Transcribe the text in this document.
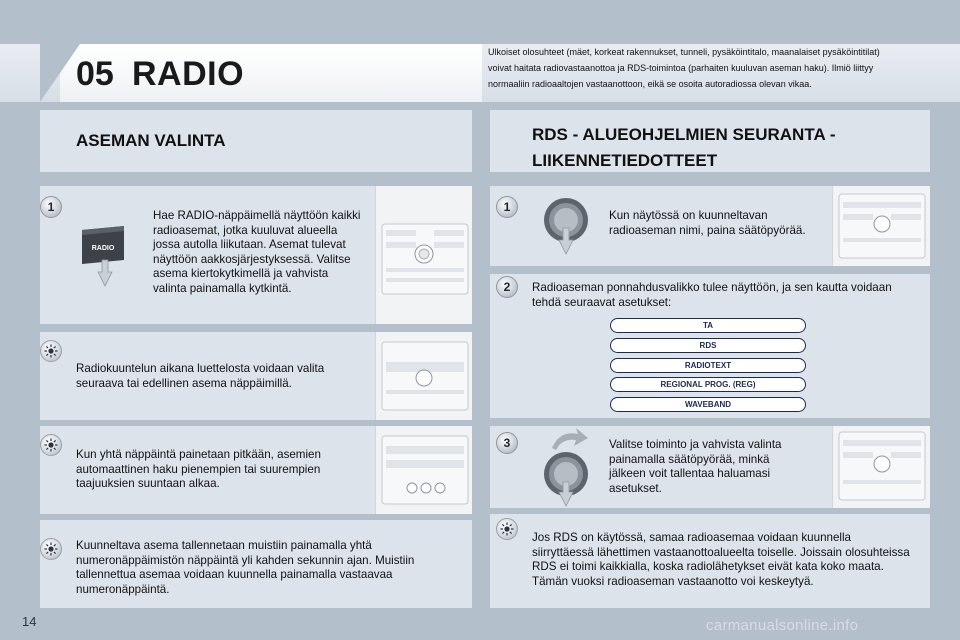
05 RADIO
Ulkoiset olosuhteet (mäet, korkeat rakennukset, tunneli, pysäköintitalo, maanalaiset pysäköintitilat) voivat haitata radiovastaanottoa ja RDS-toimintoa (parhaiten kuuluvan aseman haku). Ilmiö liittyy normaaliin radioaaltojen vastaanottoon, eikä se osoita autoradiossa olevan vikaa.
ASEMAN VALINTA
1
RADIO
Hae RADIO-näppäimellä näyttöön kaikki radioasemat, jotka kuuluvat alueella jossa autolla liikutaan. Asemat tulevat näyttöön aakkosjärjestyksessä. Valitse asema kiertokytkimellä ja vahvista valinta painamalla kytkintä.
Radiokuuntelun aikana luettelosta voidaan valita seuraava tai edellinen asema näppäimillä.
Kun yhtä näppäintä painetaan pitkään, asemien automaattinen haku pienempien tai suurempien taajuuksien suuntaan alkaa.
Kuunneltava asema tallennetaan muistiin painamalla yhtä numeronäppäimistön näppäintä yli kahden sekunnin ajan. Muistiin tallennettua asemaa voidaan kuunnella painamalla vastaavaa numeronäppäintä.
RDS - ALUEOHJELMIEN SEURANTA -
LIIKENNETIEDOTTEET
1
Kun näytössä on kuunneltavan radioaseman nimi, paina säätöpyörää.
2	Radioaseman ponnahdusvalikko tulee näyttöön, ja sen kautta voidaan tehdä seuraavat asetukset:
TA
RDS
RADIOTEXT
REGIONAL PROG. (REG)
WAVEBAND
3	Valitse toiminto ja vahvista valinta painamalla säätöpyörää, minkä jälkeen voit tallentaa haluamasi asetukset.
Jos RDS on käytössä, samaa radioasemaa voidaan kuunnella siirryttäessä lähettimen vastaanottoalueelta toiselle. Joissain olosuhteissa RDS ei toimi kaikkialla, koska radiolähetykset eivät kata koko maata. Tämän vuoksi radioaseman vastaanotto voi keskeytyä.
14	carmanualsonline.info
